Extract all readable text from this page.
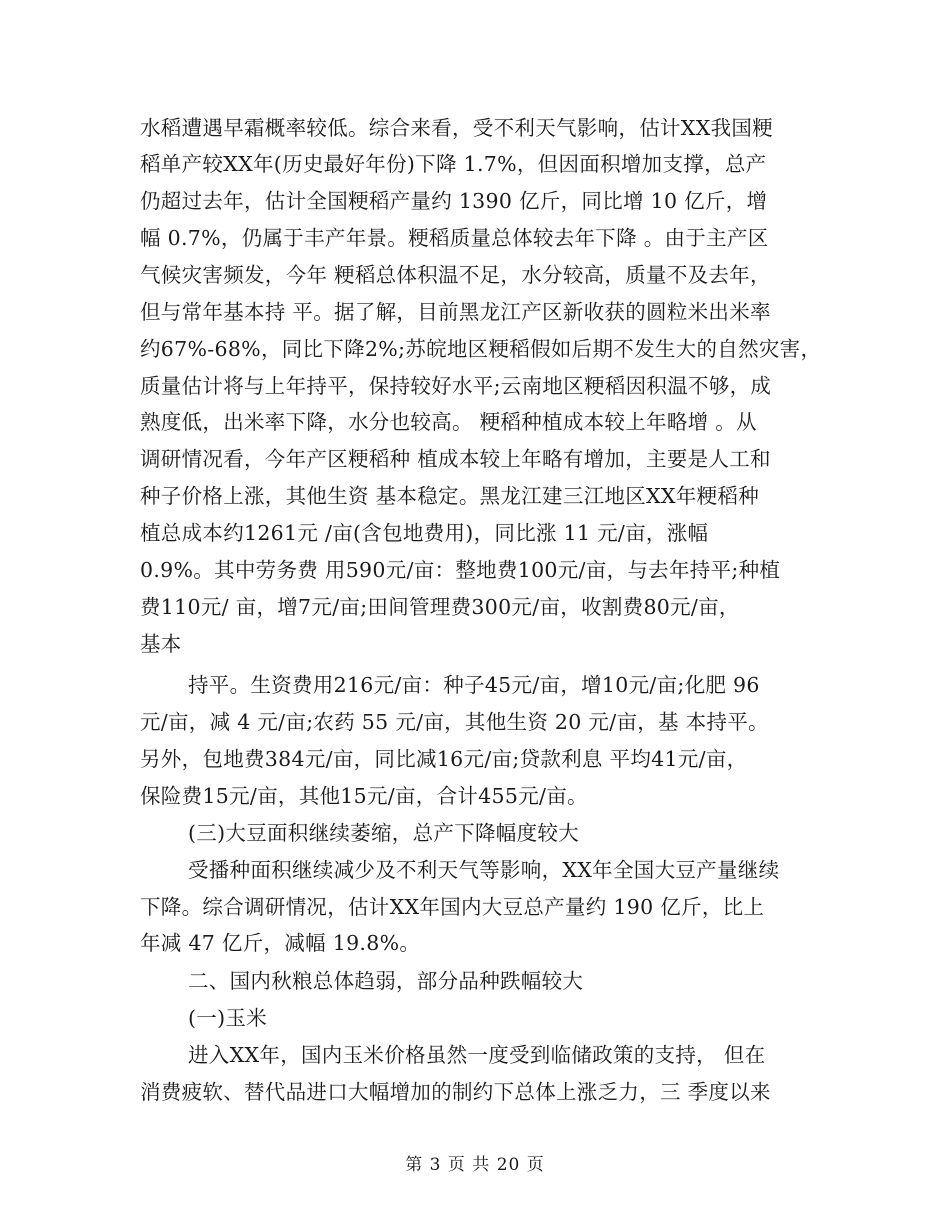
水稻遭遇早霜概率较低。综合来看，受不利天气影响，估计XX我国粳
稻单产较XX年(历史最好年份)下降 1.7%，但因面积增加支撑，总产
仍超过去年，估计全国粳稻产量约 1390 亿斤，同比增 10 亿斤，增
幅 0.7%，仍属于丰产年景。粳稻质量总体较去年下降 。由于主产区
气候灾害频发，今年 粳稻总体积温不足，水分较高，质量不及去年，
但与常年基本持 平。据了解，目前黑龙江产区新收获的圆粒米出米率
约67%-68%，同比下降2%;苏皖地区粳稻假如后期不发生大的自然灾害，
质量估计将与上年持平，保持较好水平;云南地区粳稻因积温不够，成
熟度低，出米率下降，水分也较高。 粳稻种植成本较上年略增 。从
调研情况看，今年产区粳稻种 植成本较上年略有增加，主要是人工和
种子价格上涨，其他生资 基本稳定。黑龙江建三江地区XX年粳稻种
植总成本约1261元 /亩(含包地费用)，同比涨 11 元/亩，涨幅
0.9%。其中劳务费 用590元/亩：整地费100元/亩，与去年持平;种植
费110元/ 亩，增7元/亩;田间管理费300元/亩，收割费80元/亩，
基本
持平。生资费用216元/亩：种子45元/亩，增10元/亩;化肥 96
元/亩，减 4 元/亩;农药 55 元/亩，其他生资 20 元/亩，基 本持平。
另外，包地费384元/亩，同比减16元/亩;贷款利息 平均41元/亩，
保险费15元/亩，其他15元/亩，合计455元/亩。
(三)大豆面积继续萎缩，总产下降幅度较大
受播种面积继续减少及不利天气等影响，XX年全国大豆产量继续
下降。综合调研情况，估计XX年国内大豆总产量约 190 亿斤，比上
年减 47 亿斤，减幅 19.8%。
二、国内秋粮总体趋弱，部分品种跌幅较大
(一)玉米
进入XX年，国内玉米价格虽然一度受到临储政策的支持， 但在
消费疲软、替代品进口大幅增加的制约下总体上涨乏力，三 季度以来
第 3 页 共 20 页
